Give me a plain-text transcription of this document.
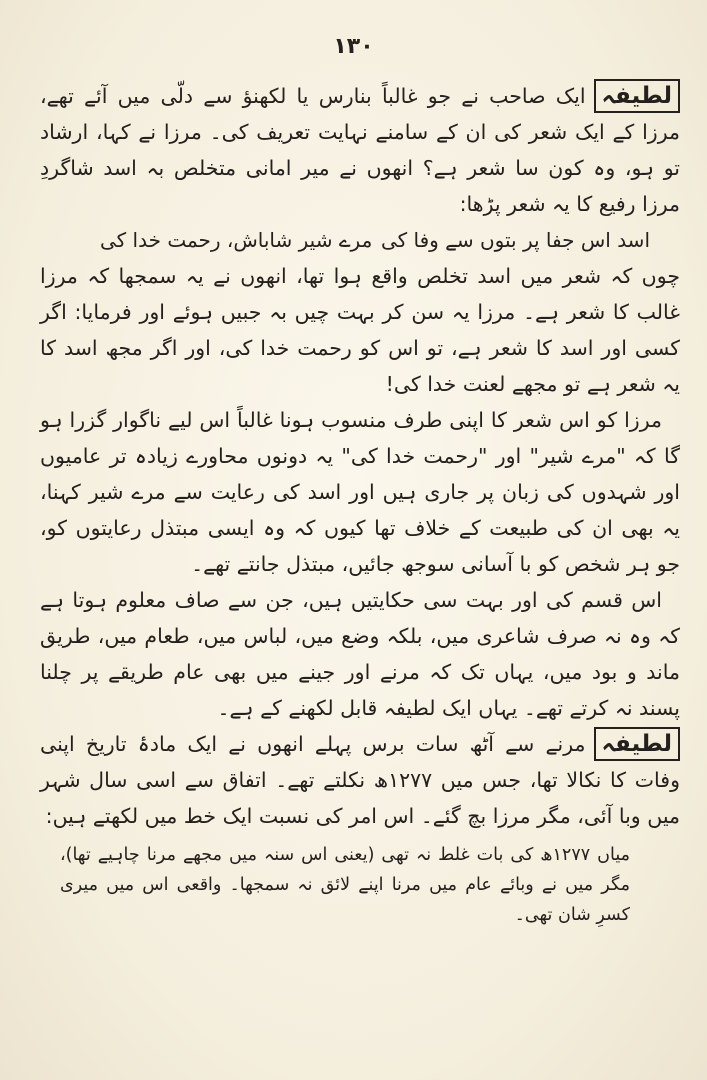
۱۳۰

لطیفہایک صاحب نے جو غالباً بنارس یا لکھنؤ سے دلّی میں آئے تھے، مرزا کے ایک شعر کی ان کے سامنے نہایت تعریف کی۔ مرزا نے کہا، ارشاد تو ہو، وہ کون سا شعر ہے؟ انھوں نے میر امانی متخلص بہ اسد شاگردِ مرزا رفیع کا یہ شعر پڑھا:

اسد اس جفا پر بتوں سے وفا کی
مرے شیر شاباش، رحمت خدا کی

چوں کہ شعر میں اسد تخلص واقع ہوا تھا، انھوں نے یہ سمجھا کہ مرزا غالب کا شعر ہے۔ مرزا یہ سن کر بہت چیں بہ جبیں ہوئے اور فرمایا: اگر کسی اور اسد کا شعر ہے، تو اس کو رحمت خدا کی، اور اگر مجھ اسد کا یہ شعر ہے تو مجھے لعنت خدا کی!

مرزا کو اس شعر کا اپنی طرف منسوب ہونا غالباً اس لیے ناگوار گزرا ہو گا کہ "مرے شیر" اور "رحمت خدا کی" یہ دونوں محاورے زیادہ تر عامیوں اور شہدوں کی زبان پر جاری ہیں اور اسد کی رعایت سے مرے شیر کہنا، یہ بھی ان کی طبیعت کے خلاف تھا کیوں کہ وہ ایسی مبتذل رعایتوں کو، جو ہر شخص کو با آسانی سوجھ جائیں، مبتذل جانتے تھے۔

اس قسم کی اور بہت سی حکایتیں ہیں، جن سے صاف معلوم ہوتا ہے کہ وہ نہ صرف شاعری میں، بلکہ وضع میں، لباس میں، طعام میں، طریق ماند و بود میں، یہاں تک کہ مرنے اور جینے میں بھی عام طریقے پر چلنا پسند نہ کرتے تھے۔ یہاں ایک لطیفہ قابل لکھنے کے ہے۔

لطیفہمرنے سے آٹھ سات برس پہلے انھوں نے ایک مادۂ تاریخ اپنی وفات کا نکالا تھا، جس میں ۱۲۷۷ھ نکلتے تھے۔ اتفاق سے اسی سال شہر میں وبا آئی، مگر مرزا بچ گئے۔ اس امر کی نسبت ایک خط میں لکھتے ہیں:

میاں ۱۲۷۷ھ کی بات غلط نہ تھی (یعنی اس سنہ میں مجھے مرنا چاہیے تھا)، مگر میں نے وبائے عام میں مرنا اپنے لائق نہ سمجھا۔ واقعی اس میں میری کسرِ شان تھی۔
